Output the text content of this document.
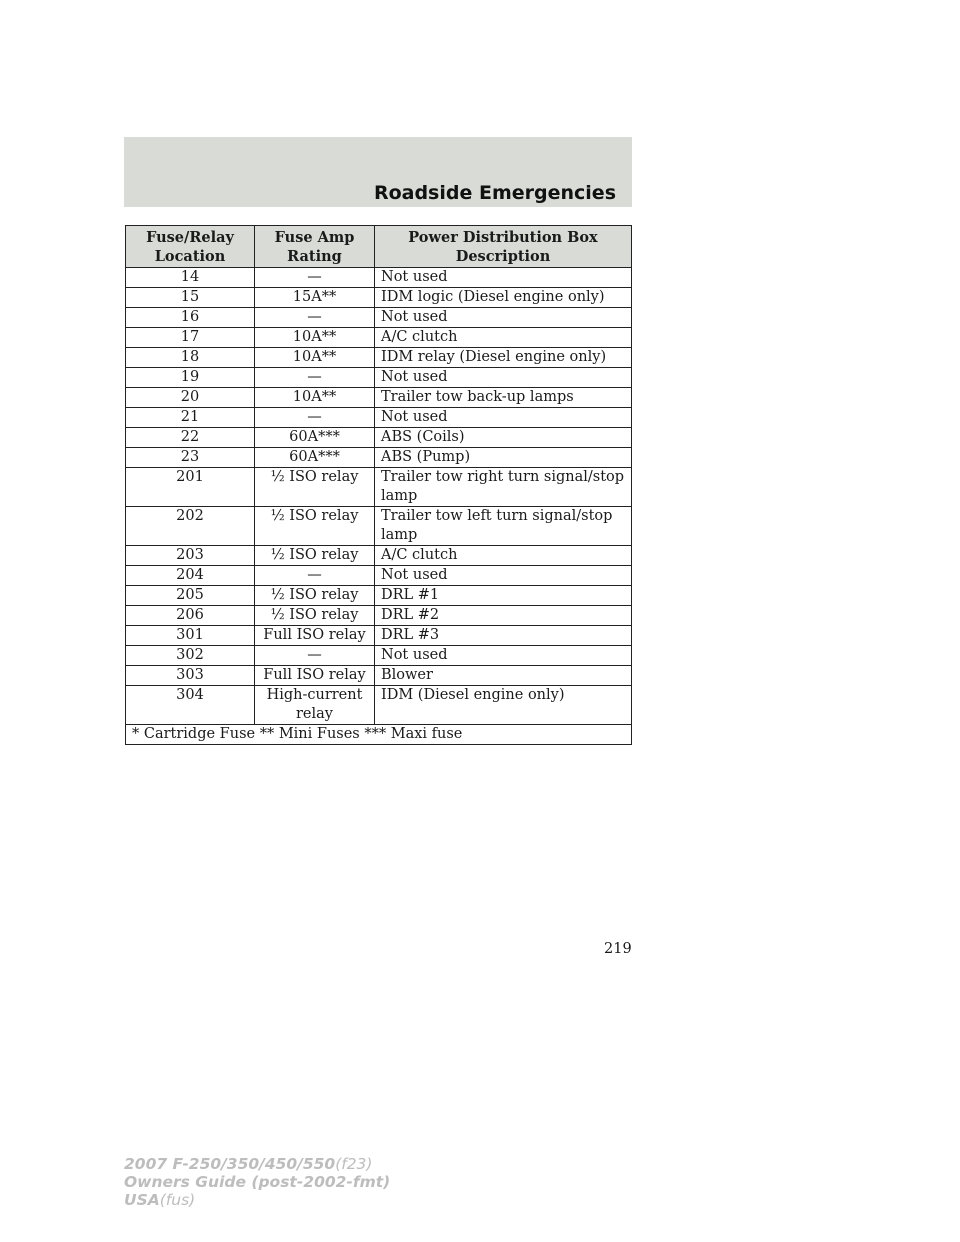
Roadside Emergencies
Fuse/Relay Location	Fuse Amp Rating	Power Distribution Box Description
14	—	Not used
15	15A**	IDM logic (Diesel engine only)
16	—	Not used
17	10A**	A/C clutch
18	10A**	IDM relay (Diesel engine only)
19	—	Not used
20	10A**	Trailer tow back-up lamps
21	—	Not used
22	60A***	ABS (Coils)
23	60A***	ABS (Pump)
201	½ ISO relay	Trailer tow right turn signal/stop lamp
202	½ ISO relay	Trailer tow left turn signal/stop lamp
203	½ ISO relay	A/C clutch
204	—	Not used
205	½ ISO relay	DRL #1
206	½ ISO relay	DRL #2
301	Full ISO relay	DRL #3
302	—	Not used
303	Full ISO relay	Blower
304	High-current relay	IDM (Diesel engine only)
* Cartridge Fuse ** Mini Fuses *** Maxi fuse		
219
2007 F-250/350/450/550(f23)
Owners Guide (post-2002-fmt)
USA(fus)
